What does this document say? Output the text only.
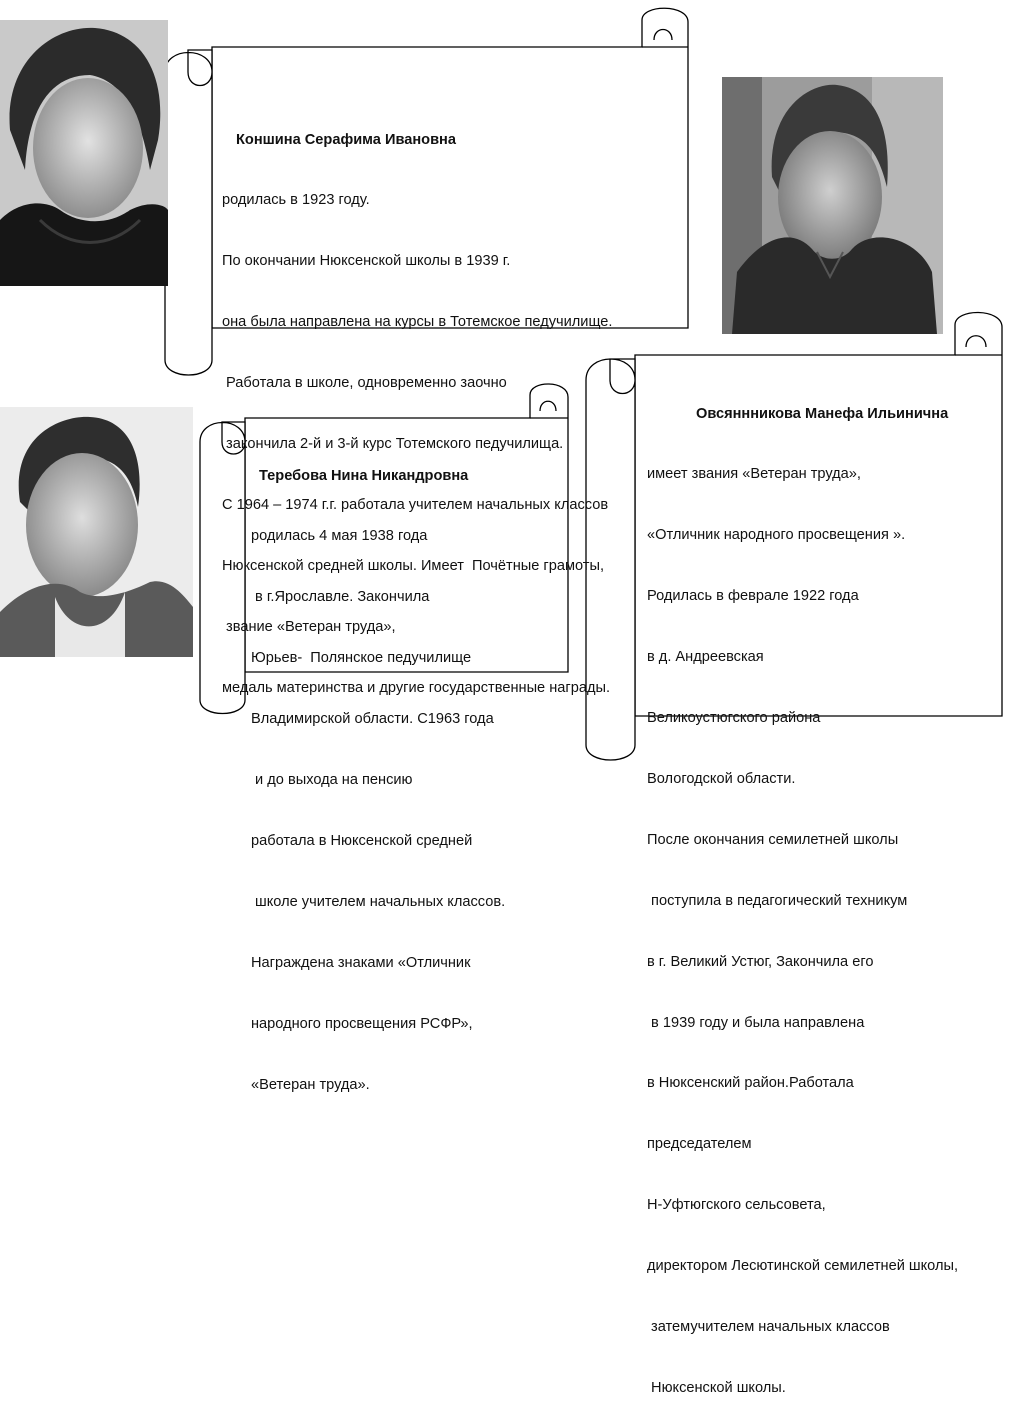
Коншина Серафима Ивановна

родилась в 1923 году.

По окончании Нюксенской школы в 1939 г.

она была направлена на курсы в Тотемское педучилище.

Работала в школе, одновременно заочно

закончила 2-й и 3-й курс Тотемского педучилища.

С 1964 – 1974 г.г. работала учителем начальных классов

Нюксенской средней школы. Имеет  Почётные грамоты,

звание «Ветеран труда»,

медаль материнства и другие государственные награды.

Теребова Нина Никандровна

родилась 4 мая 1938 года

в г.Ярославле. Закончила

Юрьев-  Полянское педучилище

Владимирской области. С1963 года

и до выхода на пенсию

работала в Нюксенской средней

школе учителем начальных классов.

Награждена знаками «Отличник

народного просвещения РСФР»,

«Ветеран труда».

Овсяннникова Манефа Ильинична

имеет звания «Ветеран труда»,

«Отличник народного просвещения ».

Родилась в феврале 1922 года

в д. Андреевская

Великоустюгского района

Вологодской области.

После окончания семилетней школы

поступила в педагогический техникум

в г. Великий Устюг, Закончила его

в 1939 году и была направлена

в Нюксенский район.Работала

председателем

Н-Уфтюгского сельсовета,

директором Лесютинской семилетней школы,

затемучителем начальных классов

Нюксенской школы.
